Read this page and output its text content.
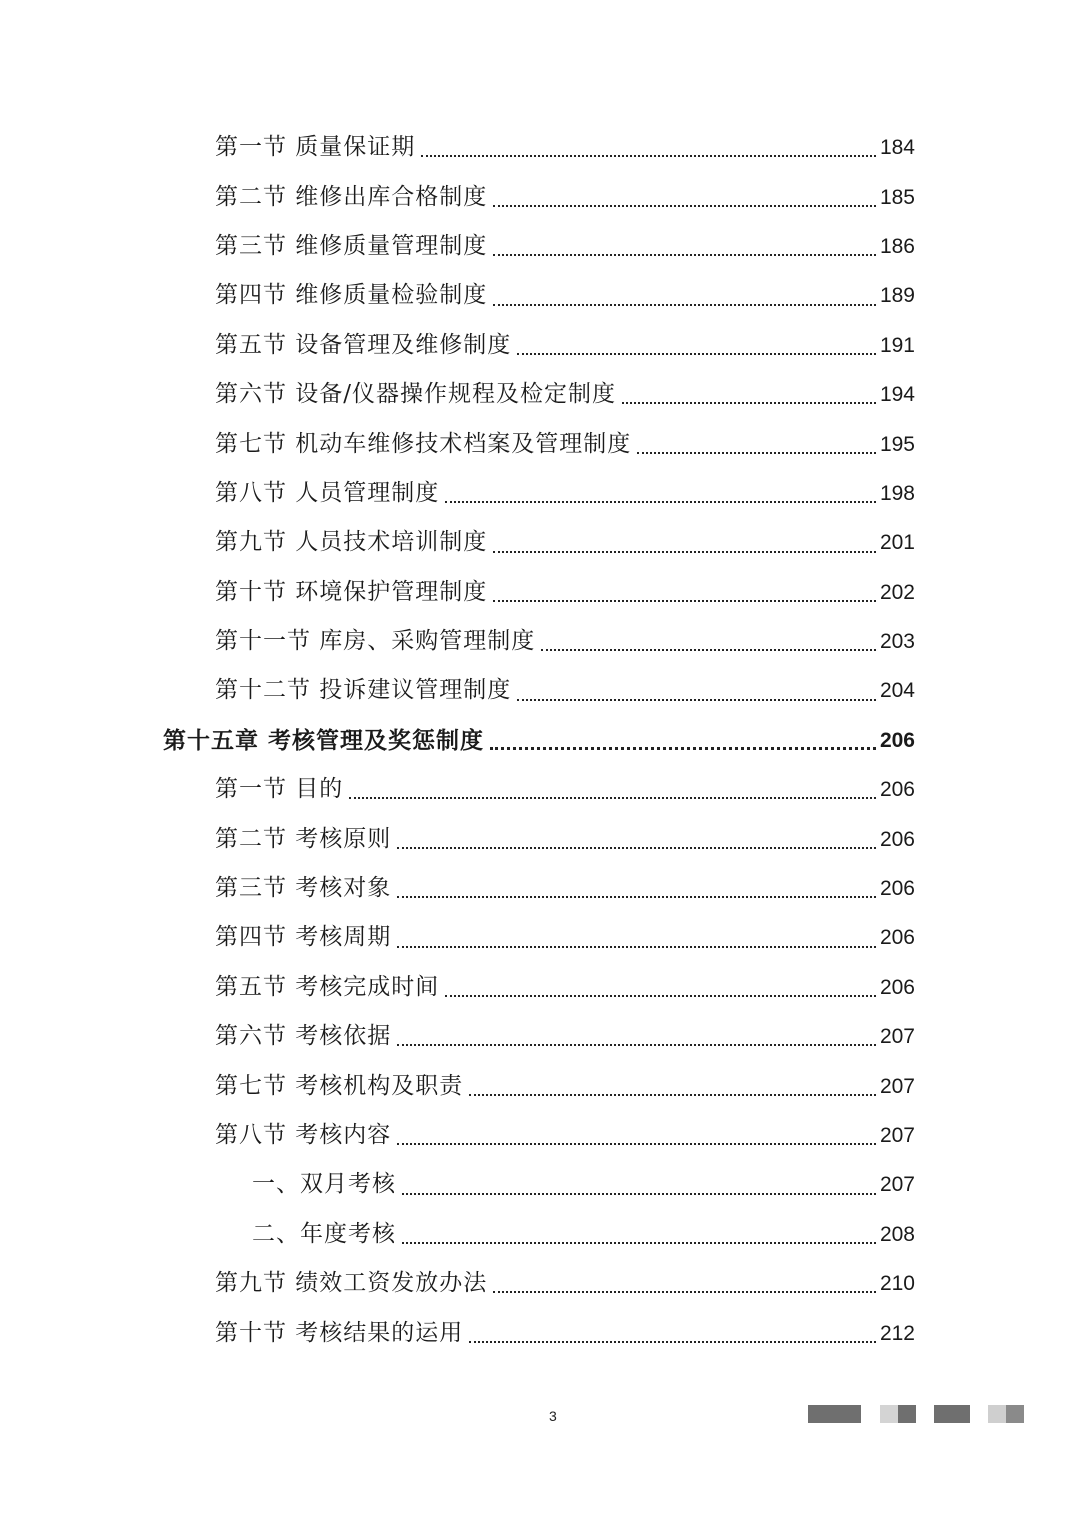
第一节 质量保证期	184
第二节 维修出库合格制度	185
第三节 维修质量管理制度	186
第四节 维修质量检验制度	189
第五节 设备管理及维修制度	191
第六节 设备/仪器操作规程及检定制度	194
第七节 机动车维修技术档案及管理制度	195
第八节 人员管理制度	198
第九节 人员技术培训制度	201
第十节 环境保护管理制度	202
第十一节 库房、采购管理制度	203
第十二节 投诉建议管理制度	204
第十五章 考核管理及奖惩制度	206
第一节 目的	206
第二节 考核原则	206
第三节 考核对象	206
第四节 考核周期	206
第五节 考核完成时间	206
第六节 考核依据	207
第七节 考核机构及职责	207
第八节 考核内容	207
一、双月考核	207
二、年度考核	208
第九节 绩效工资发放办法	210
第十节 考核结果的运用	212
3
